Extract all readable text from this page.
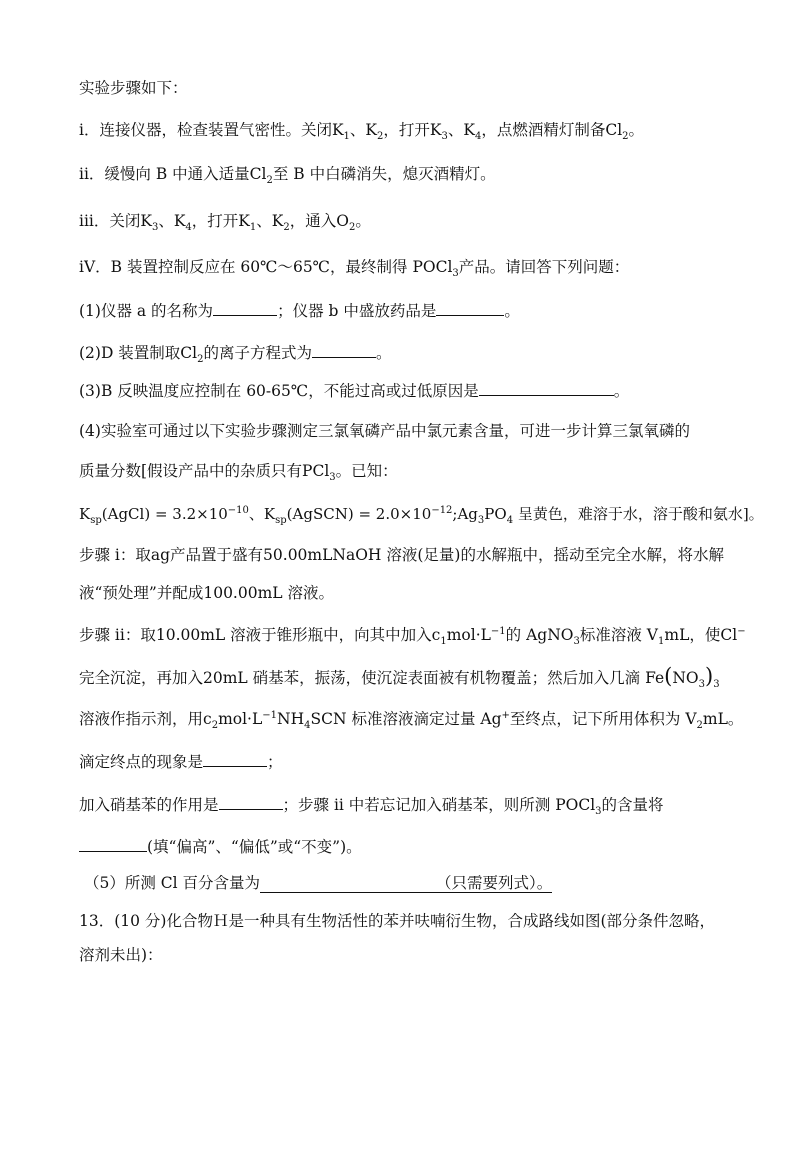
实验步骤如下：
i．连接仪器，检查装置气密性。关闭$K_1$、$K_2$，打开$K_3$、$K_4$，点燃酒精灯制备$Cl_2$。
ii．缓慢向 B 中通入适量$Cl_2$至 B 中白磷消失，熄灭酒精灯。
iii．关闭$K_3$、$K_4$，打开$K_1$、$K_2$，通入$O_2$。
iV．B 装置控制反应在 60℃～65℃，最终制得 POCl$_3$产品。请回答下列问题：
(1)仪器 a 的名称为	；仪器 b 中盛放药品是	。
(2)D 装置制取$Cl_2$的离子方程式为	。
(3)B 反映温度应控制在 60-65℃，不能过高或过低原因是	。
(4)实验室可通过以下实验步骤测定三氯氧磷产品中氯元素含量，可进一步计算三氯氧磷的
质量分数[假设产品中的杂质只有PCl$_3$。已知：
$K_{sp}(AgCl) = 3.2\times 10^{-10}$、$K_{sp}(AgSCN)$ = $2.0\times 10^{-12};Ag_3PO_4$ 呈黄色，难溶于水，溶于酸和氨水]。
步骤 i：取ag产品置于盛有50.00mLNaOH 溶液(足量)的水解瓶中，摇动至完全水解，将水解
液“预处理”并配成100.00mL 溶液。
步骤 ii：取10.00mL 溶液于锥形瓶中，向其中加入$c_1mol\cdot L^{-1}$的 AgNO$_3$标准溶液 $V_1mL$，使Cl−
完全沉淀，再加入20mL 硝基苯，振荡，使沉淀表面被有机物覆盖；然后加入几滴 $Fe(NO_3)_3$
溶液作指示剂，用$c_2mol\cdot L^{-1}NH_4SCN$ 标准溶液滴定过量 Ag+至终点，记下所用体积为 $V_2mL$。
滴定终点的现象是	；
加入硝基苯的作用是	；步骤 ii 中若忘记加入硝基苯，则所测 POCl$_3$的含量将
(填“偏高”、“偏低”或“不变”)。
（5）所测 Cl 百分含量为	（只需要列式）。
13．(10 分)化合物Ｈ是一种具有生物活性的苯并呋喃衍生物，合成路线如图(部分条件忽略，
溶剂未出)：
